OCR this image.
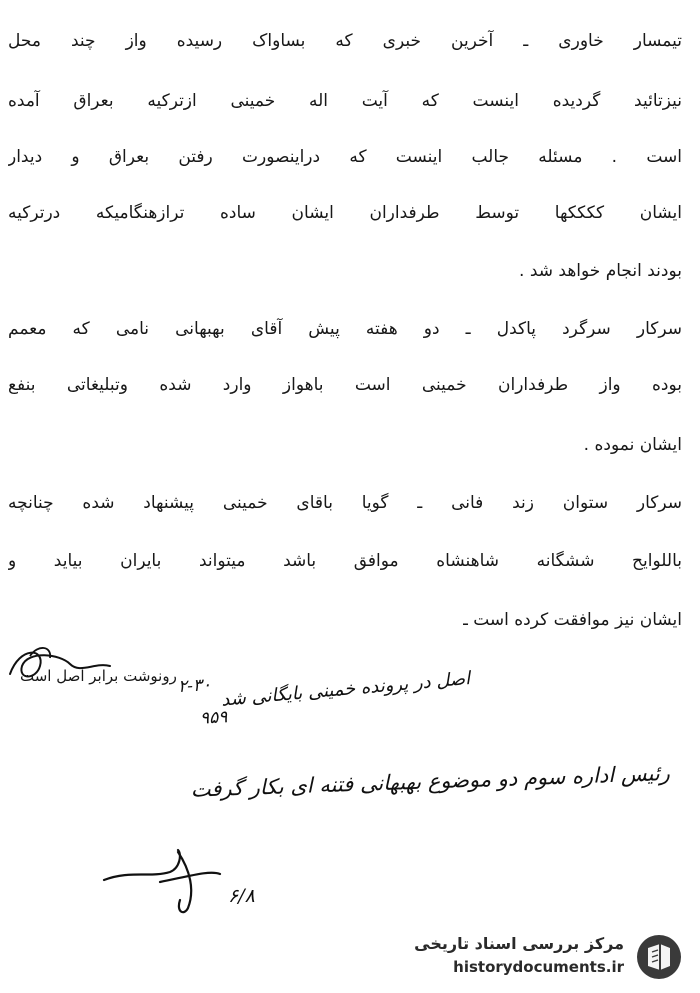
تیمسار خاوری ـ آخرین خبری که بساواک رسیده واز چند محل
نیزتائید گردیده اینست که آیت اله خمینی ازترکیه بعراق آمده
است . مسئله جالب اینست که دراینصورت رفتن بعراق و دیدار
ایشان ککککها توسط طرفداران ایشان ساده ترازهنگامیکه درترکیه
بودند انجام خواهد شد .
سرکار سرگرد پاکدل ـ دو هفته پیش آقای بهبهانی نامی که معمم
بوده واز طرفداران خمینی است باهواز وارد شده وتبلیغاتی بنفع
ایشان نموده .
سرکار ستوان زند فانی ـ گویا باقای خمینی پیشنهاد شده چنانچه
باللوایح ششگانه شاهنشاه موافق باشد میتواند بایران بیاید و
ایشان نیز موافقت کرده است ـ
رونوشت برابر اصل است	اصل در پرونده خمینی بایگانی شد
۲-۳۰
۹۵۹
رئیس اداره سوم دو موضوع بهبهانی فتنه ای بکار گرفت
۶/۸
مرکز بررسی اسناد تاریخی
historydocuments.ir
